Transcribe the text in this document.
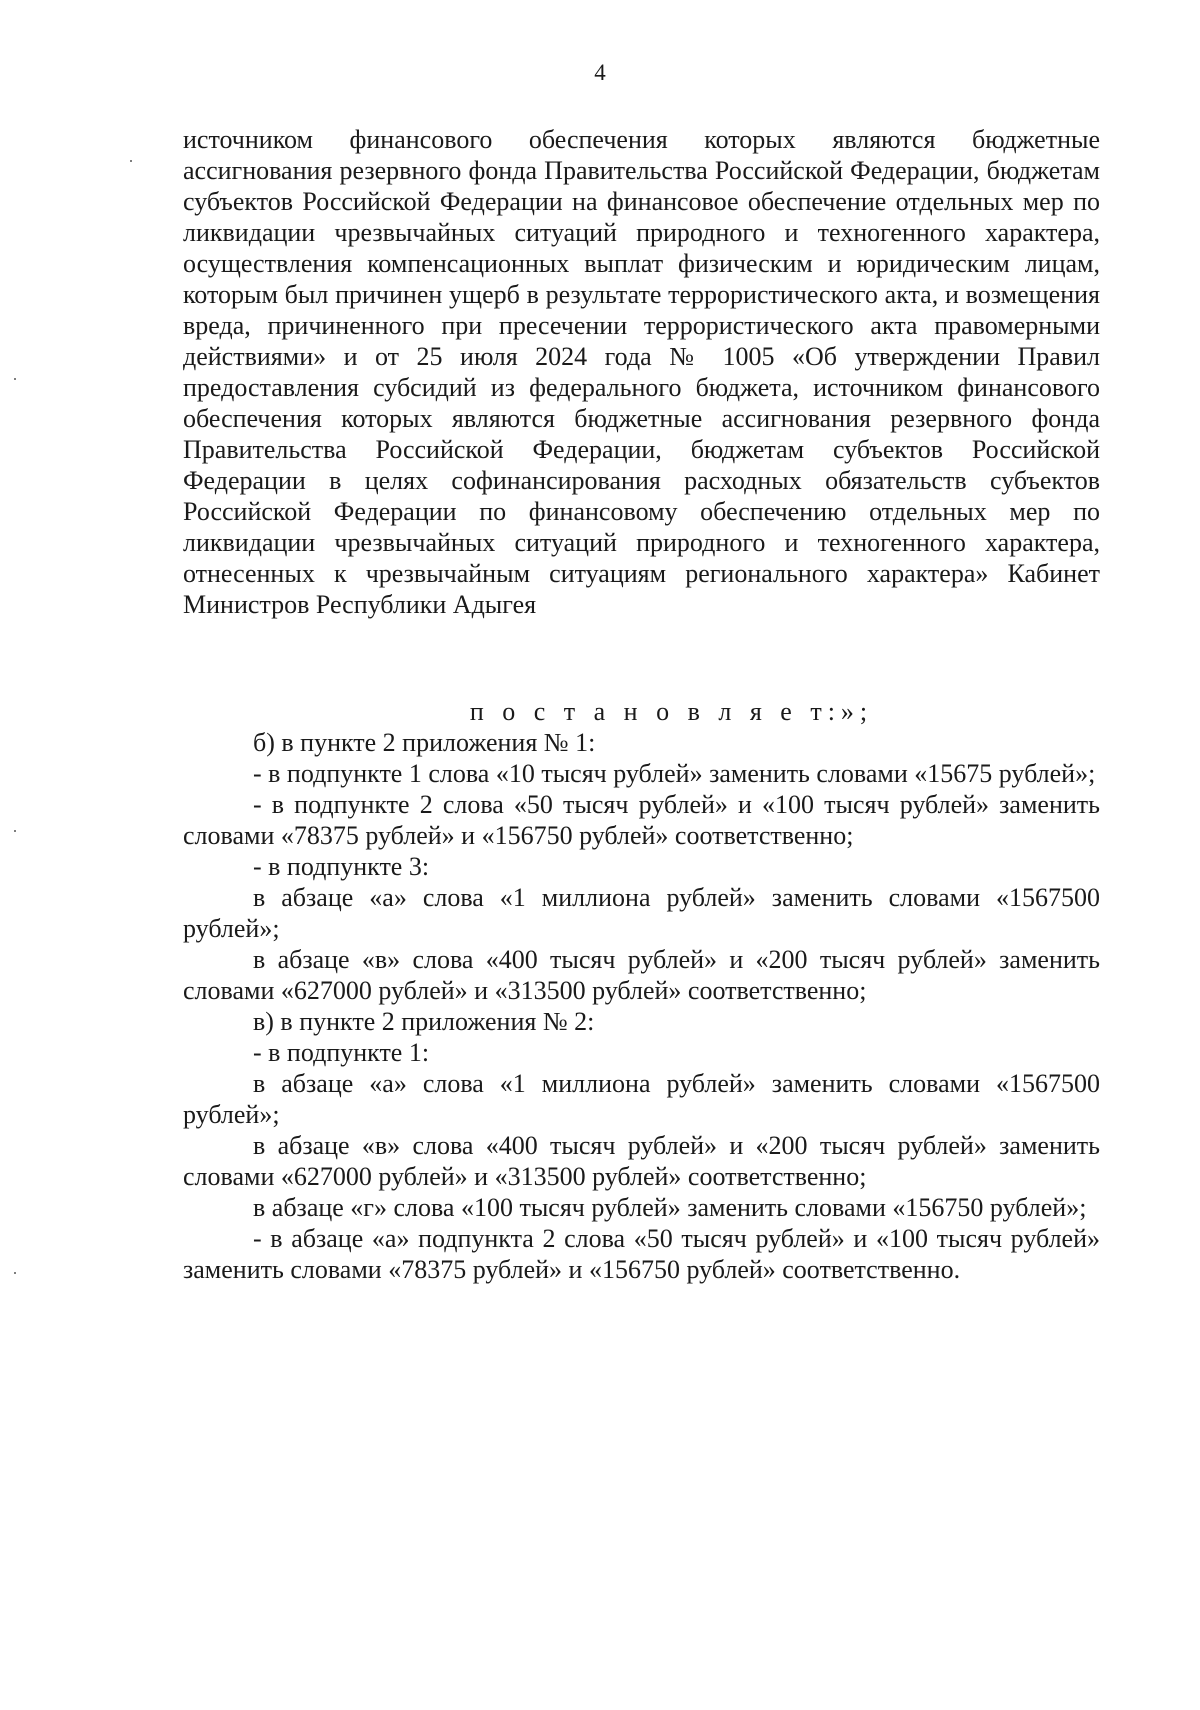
4

источником финансового обеспечения которых являются бюджетные ассигнования резервного фонда Правительства Российской Федерации, бюджетам субъектов Российской Федерации на финансовое обеспечение отдельных мер по ликвидации чрезвычайных ситуаций природного и техногенного характера, осуществления компенсационных выплат физическим и юридическим лицам, которым был причинен ущерб в результате террористического акта, и возмещения вреда, причиненного при пресечении террористического акта правомерными действиями» и от 25 июля 2024 года № 1005 «Об утверждении Правил предоставления субсидий из федерального бюджета, источником финансового обеспечения которых являются бюджетные ассигнования резервного фонда Правительства Российской Федерации, бюджетам субъектов Российской Федерации в целях софинансирования расходных обязательств субъектов Российской Федерации по финансовому обеспечению отдельных мер по ликвидации чрезвычайных ситуаций природного и техногенного характера, отнесенных к чрезвычайным ситуациям регионального характера» Кабинет Министров Республики Адыгея

п о с т а н о в л я е т:»;

б) в пункте 2 приложения № 1:

- в подпункте 1 слова «10 тысяч рублей» заменить словами «15675 рублей»;

- в подпункте 2 слова «50 тысяч рублей» и «100 тысяч рублей» заменить словами «78375 рублей» и «156750 рублей» соответственно;

- в подпункте 3:

в абзаце «а» слова «1 миллиона рублей» заменить словами «1567500 рублей»;

в абзаце «в» слова «400 тысяч рублей» и «200 тысяч рублей» заменить словами «627000 рублей» и «313500 рублей» соответственно;

в) в пункте 2 приложения № 2:

- в подпункте 1:

в абзаце «а» слова «1 миллиона рублей» заменить словами «1567500 рублей»;

в абзаце «в» слова «400 тысяч рублей» и «200 тысяч рублей» заменить словами «627000 рублей» и «313500 рублей» соответственно;

в абзаце «г» слова «100 тысяч рублей» заменить словами «156750 рублей»;

- в абзаце «а» подпункта 2 слова «50 тысяч рублей» и «100 тысяч рублей» заменить словами «78375 рублей» и «156750 рублей» соответственно.
